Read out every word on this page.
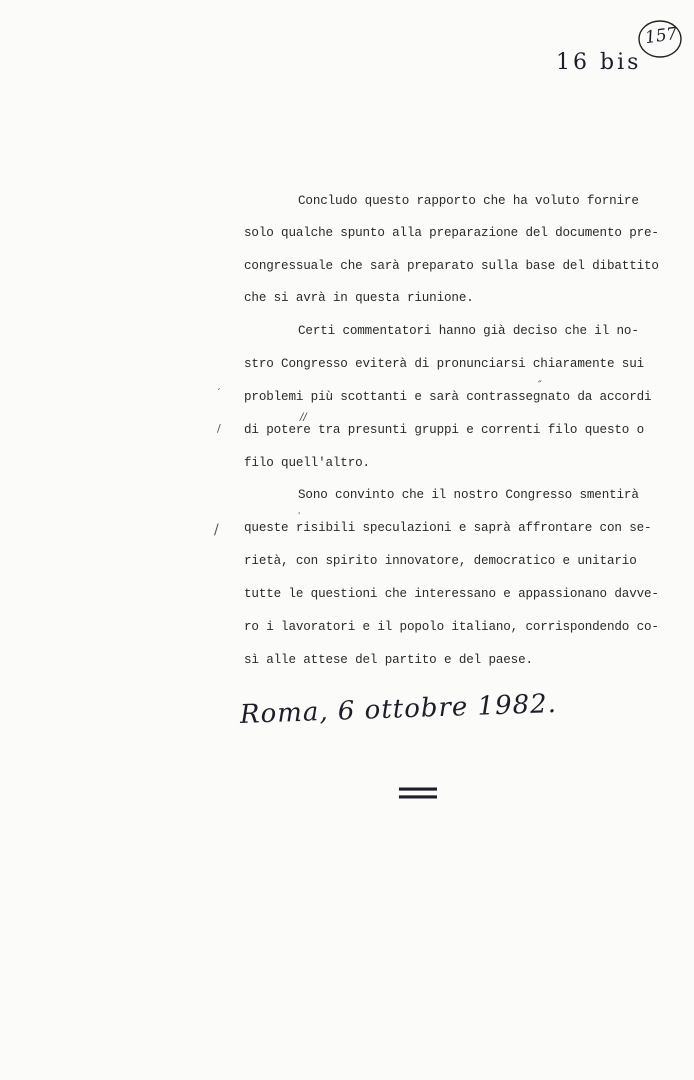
157
16 bis
Concludo questo rapporto che ha voluto fornire
solo qualche spunto alla preparazione del documento pre-
congressuale che sarà preparato sulla base del dibattito
che si avrà in questa riunione.
Certi commentatori hanno già deciso che il no-
stro Congresso eviterà di pronunciarsi chiaramente sui
problemi più scottanti e sarà contrassegnato da accordi
di potere tra presunti gruppi e correnti filo questo o
filo quell'altro.
Sono convinto che il nostro Congresso smentirà
queste risibili speculazioni e saprà affrontare con se-
rietà, con spirito innovatore, democratico e unitario
tutte le questioni che interessano e appassionano davve-
ro i lavoratori e il popolo italiano, corrispondendo co-
sì alle attese del partito e del paese.
″
//
´
/
/
'
Roma, 6 ottobre 1982.
=
